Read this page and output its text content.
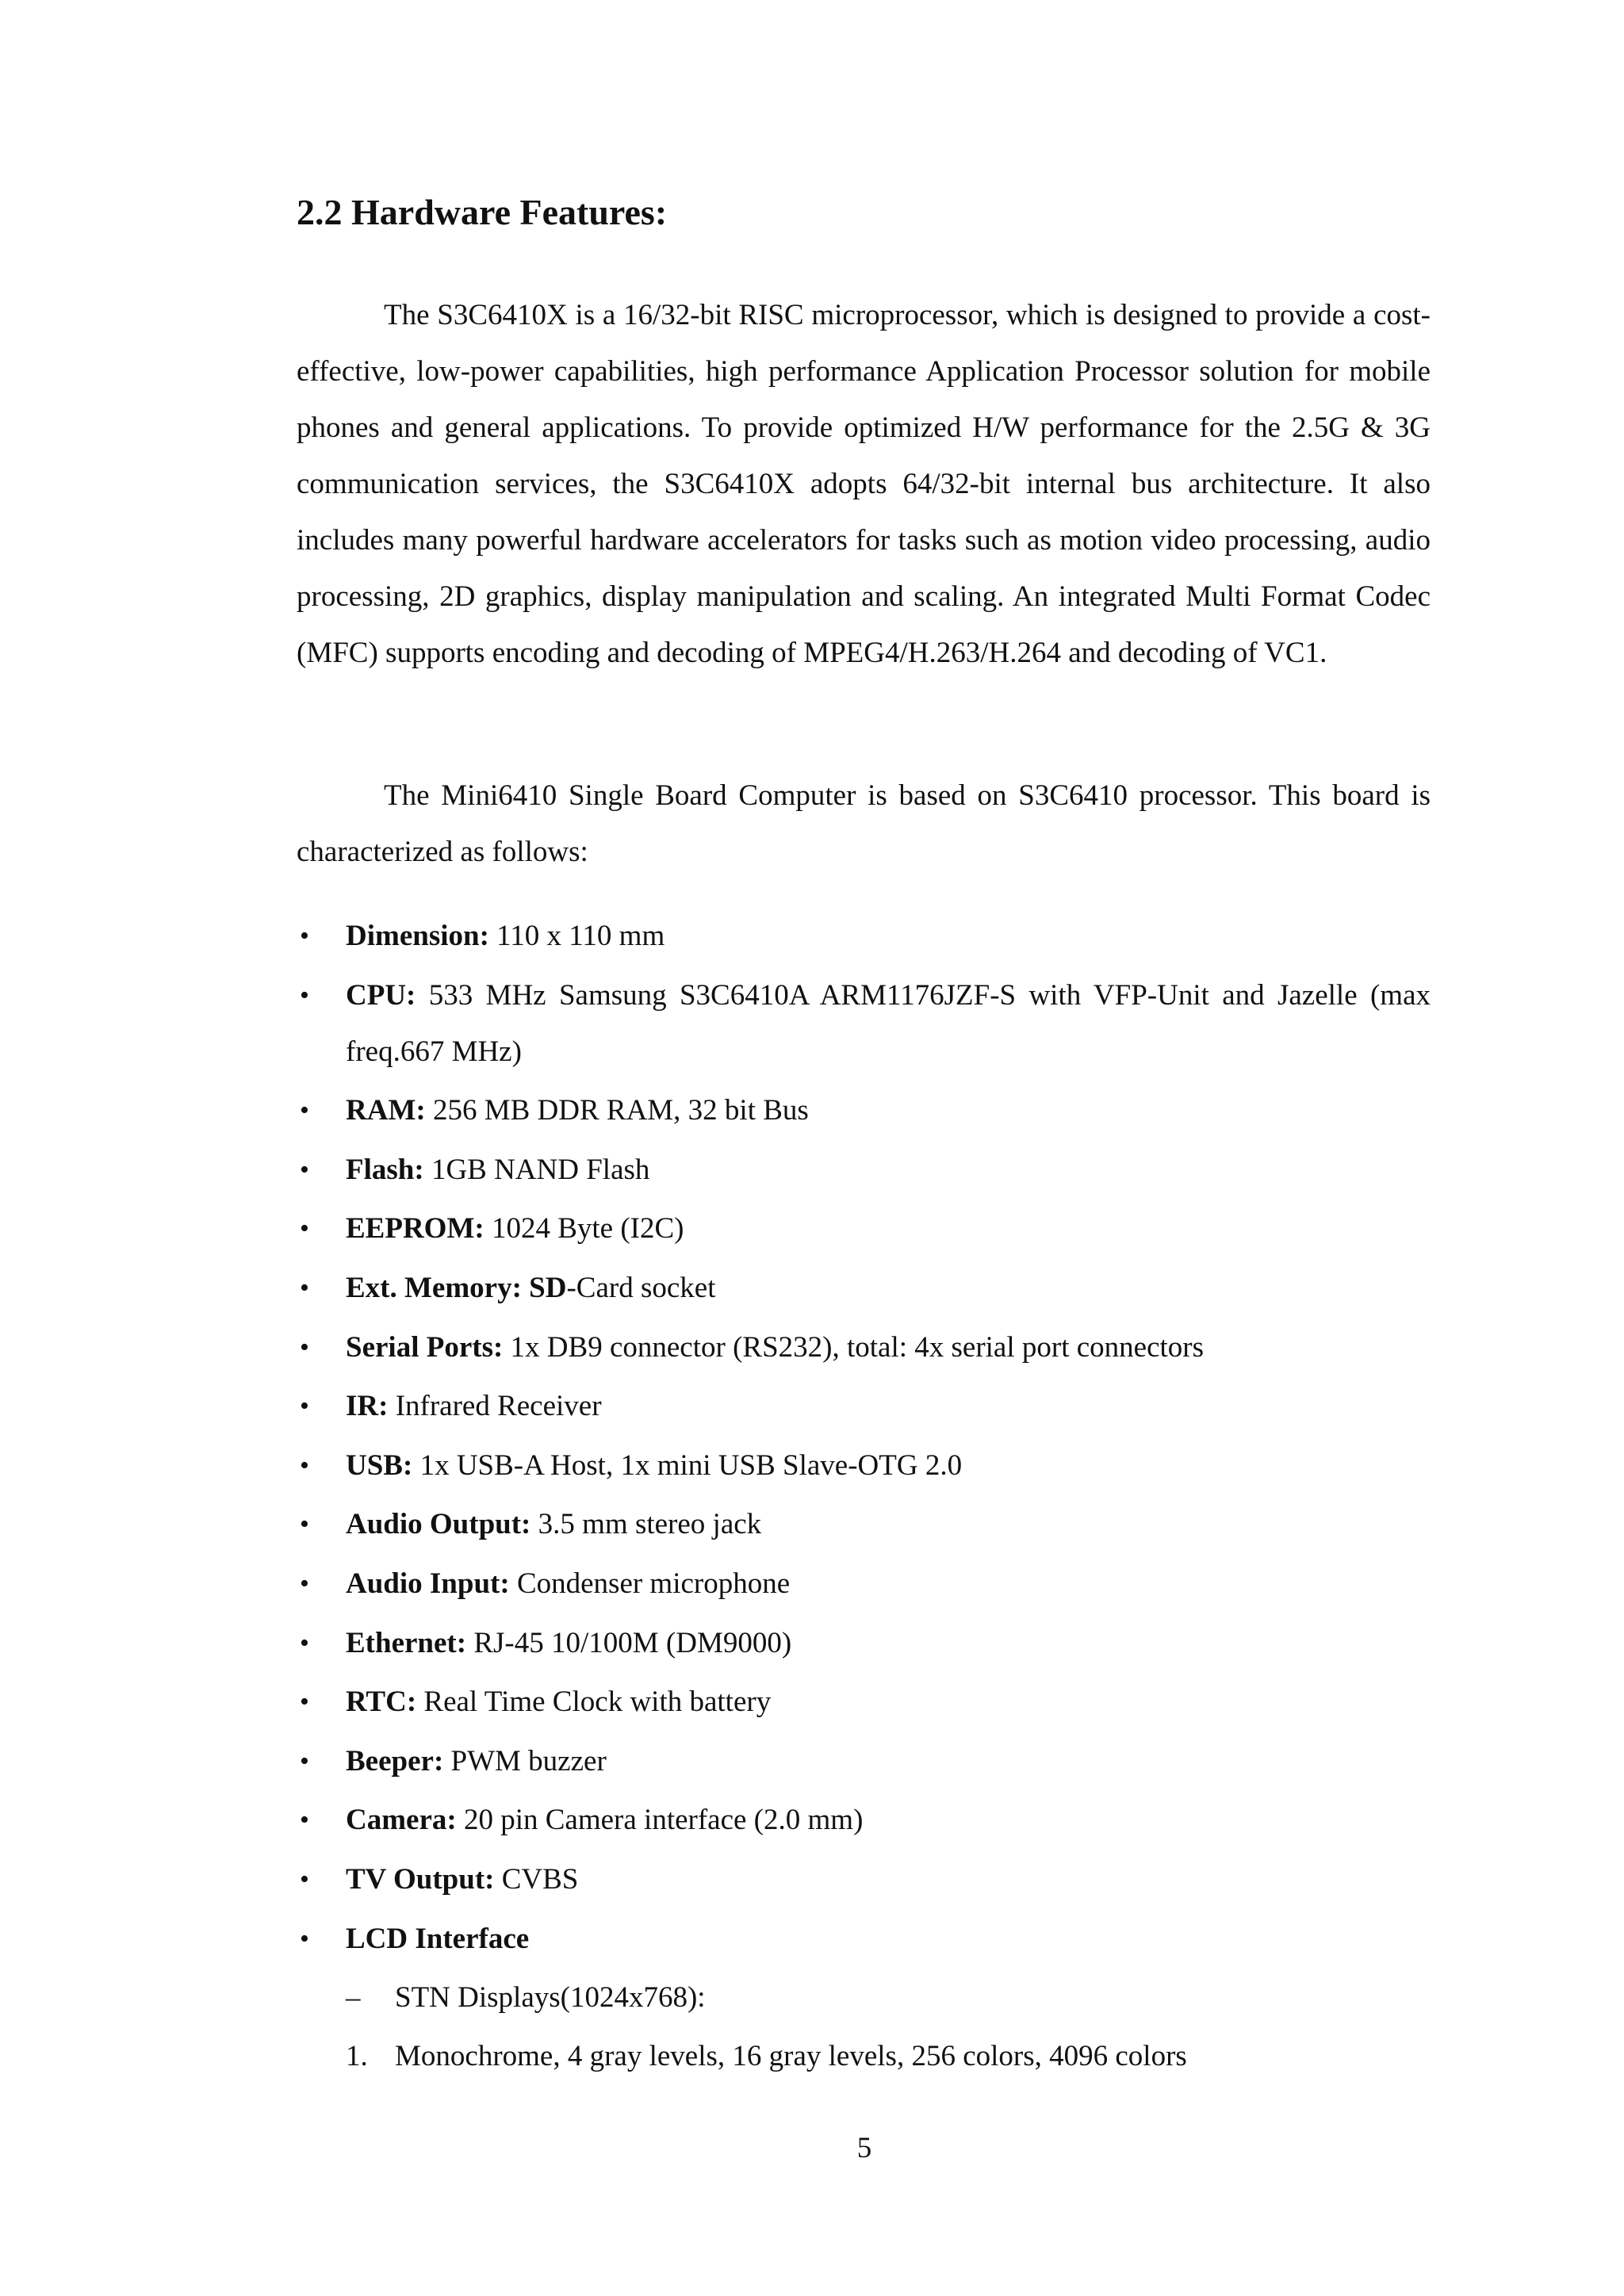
2.2 Hardware Features:

The S3C6410X is a 16/32-bit RISC microprocessor, which is designed to provide a cost-effective, low-power capabilities, high performance Application Processor solution for mobile phones and general applications. To provide optimized H/W performance for the 2.5G & 3G communication services, the S3C6410X adopts 64/32-bit internal bus architecture. It also includes many powerful hardware accelerators for tasks such as motion video processing, audio processing, 2D graphics, display manipulation and scaling. An integrated Multi Format Codec (MFC) supports encoding and decoding of MPEG4/H.263/H.264 and decoding of VC1.

The Mini6410 Single Board Computer is based on S3C6410 processor. This board is characterized as follows:

• Dimension: 110 x 110 mm
• CPU: 533 MHz Samsung S3C6410A ARM1176JZF-S with VFP-Unit and Jazelle (max freq.667 MHz)
• RAM: 256 MB DDR RAM, 32 bit Bus
• Flash: 1GB NAND Flash
• EEPROM: 1024 Byte (I2C)
• Ext. Memory: SD-Card socket
• Serial Ports: 1x DB9 connector (RS232), total: 4x serial port connectors
• IR: Infrared Receiver
• USB: 1x USB-A Host, 1x mini USB Slave-OTG 2.0
• Audio Output: 3.5 mm stereo jack
• Audio Input: Condenser microphone
• Ethernet: RJ-45 10/100M (DM9000)
• RTC: Real Time Clock with battery
• Beeper: PWM buzzer
• Camera: 20 pin Camera interface (2.0 mm)
• TV Output: CVBS
• LCD Interface
– STN Displays(1024x768):
1. Monochrome, 4 gray levels, 16 gray levels, 256 colors, 4096 colors
5
